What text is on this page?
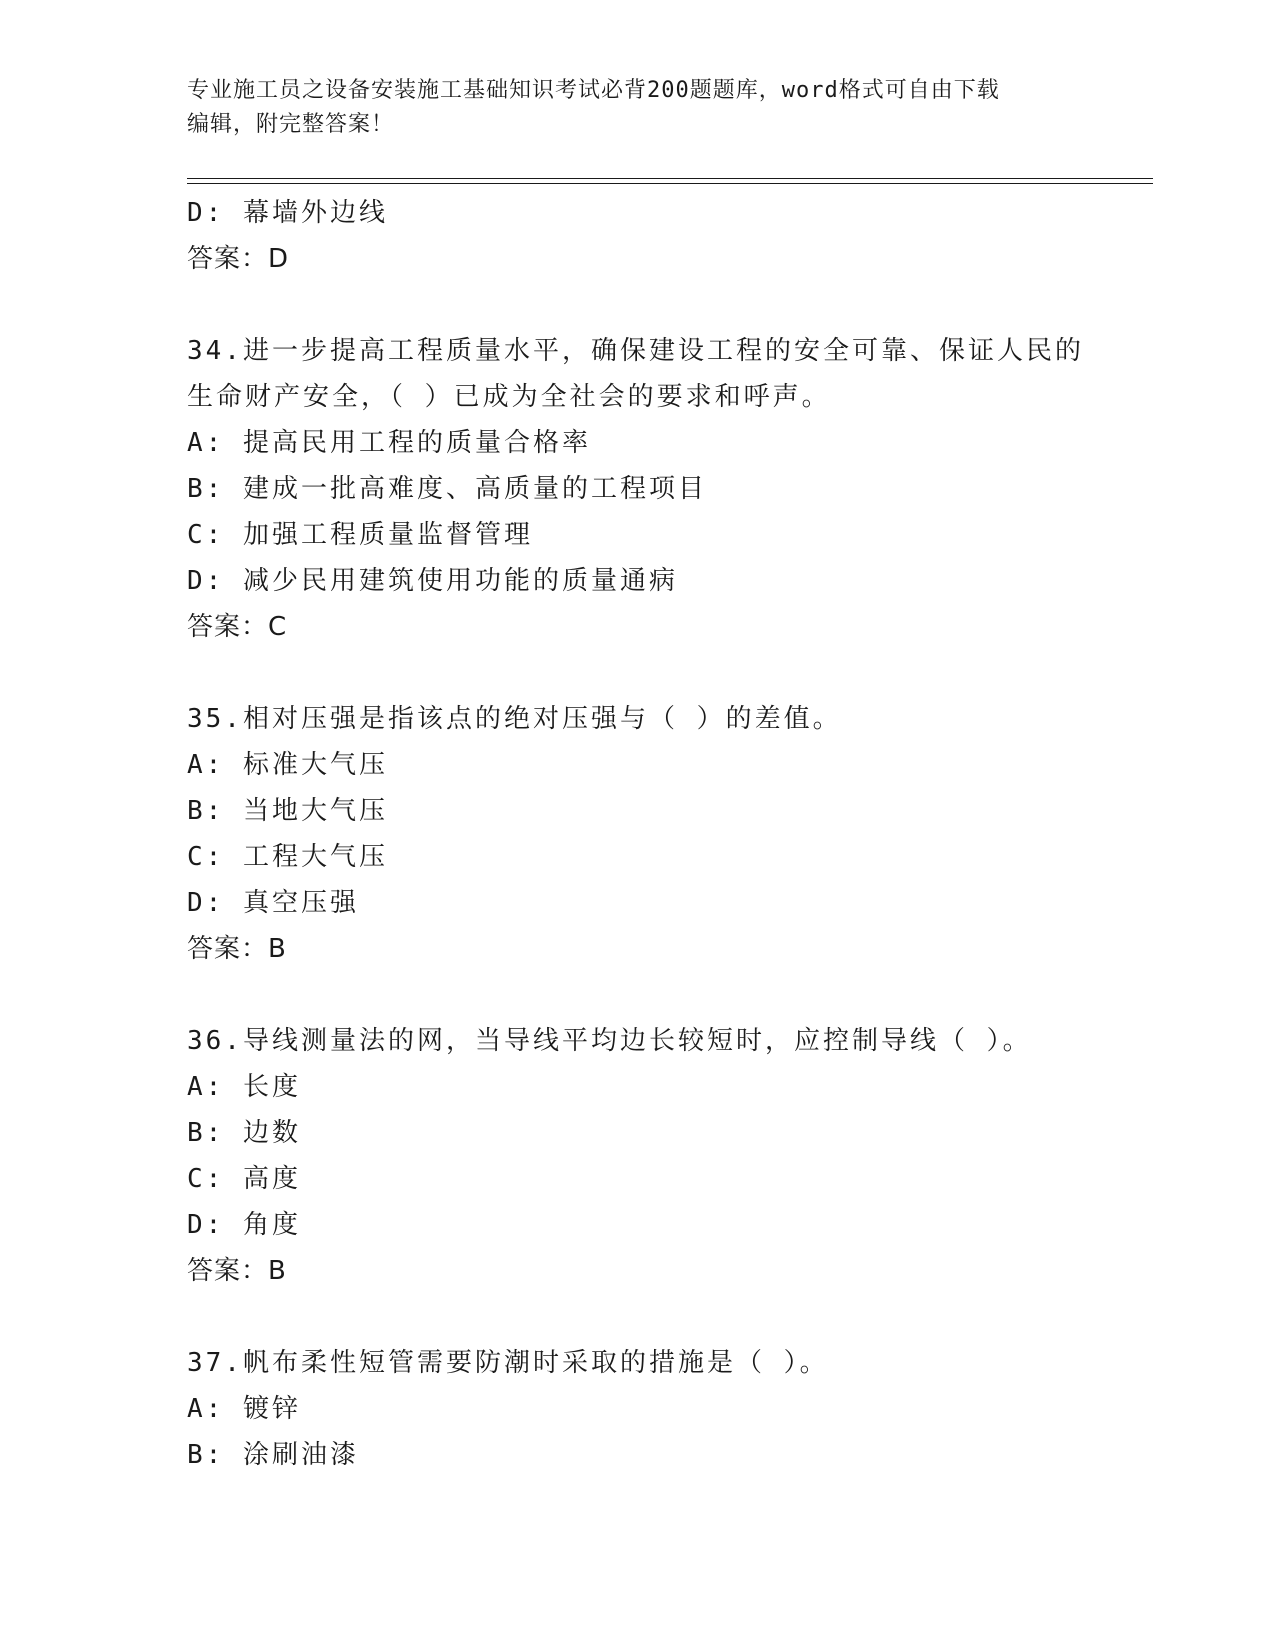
专业施工员之设备安装施工基础知识考试必背200题题库，word格式可自由下载
编辑，附完整答案！
D: 幕墙外边线
答案：D
34.进一步提高工程质量水平，确保建设工程的安全可靠、保证人民的
生命财产安全，（ ）已成为全社会的要求和呼声。
A: 提高民用工程的质量合格率
B: 建成一批高难度、高质量的工程项目
C: 加强工程质量监督管理
D: 减少民用建筑使用功能的质量通病
答案：C
35.相对压强是指该点的绝对压强与（ ）的差值。
A: 标准大气压
B: 当地大气压
C: 工程大气压
D: 真空压强
答案：B
36.导线测量法的网，当导线平均边长较短时，应控制导线（ ）。
A: 长度
B: 边数
C: 高度
D: 角度
答案：B
37.帆布柔性短管需要防潮时采取的措施是（ ）。
A: 镀锌
B: 涂刷油漆
